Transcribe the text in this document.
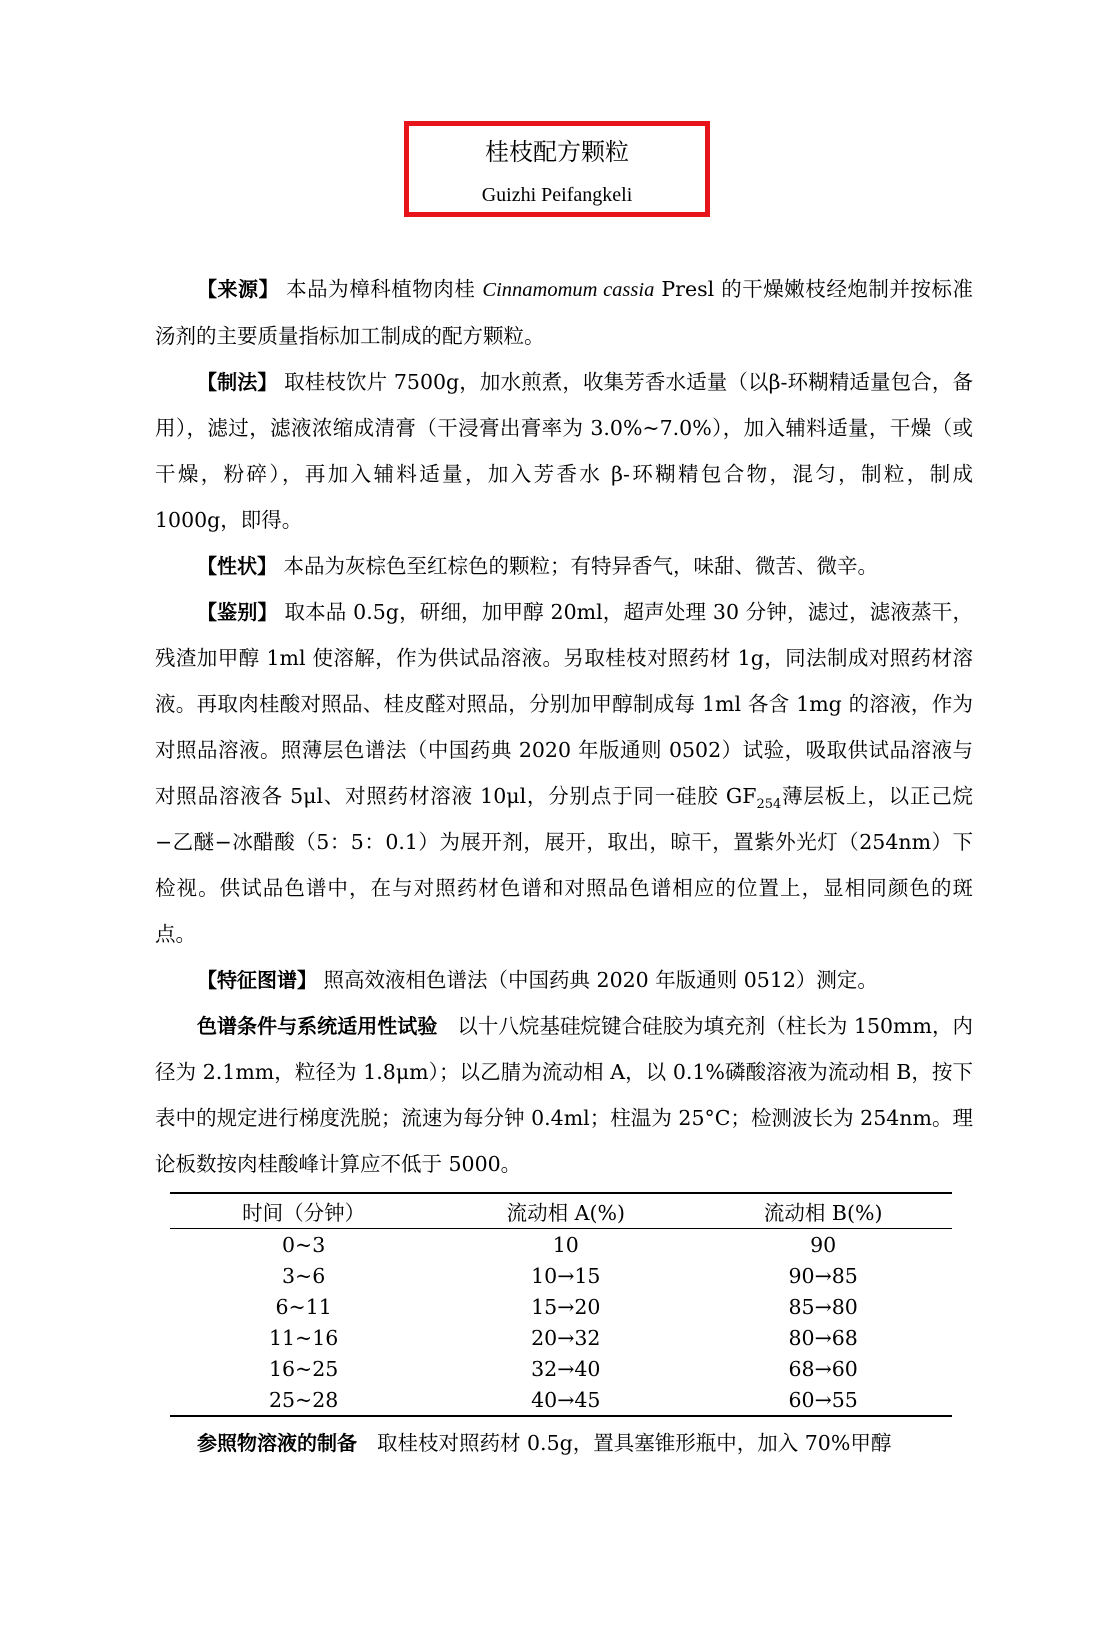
桂枝配方颗粒
Guizhi Peifangkeli

【来源】 本品为樟科植物肉桂 Cinnamomum cassia Presl 的干燥嫩枝经炮制并按标准汤剂的主要质量指标加工制成的配方颗粒。

【制法】 取桂枝饮片 7500g，加水煎煮，收集芳香水适量（以β-环糊精适量包合，备用），滤过，滤液浓缩成清膏（干浸膏出膏率为 3.0%~7.0%），加入辅料适量，干燥（或干燥，粉碎），再加入辅料适量，加入芳香水 β-环糊精包合物，混匀，制粒，制成 1000g，即得。

【性状】 本品为灰棕色至红棕色的颗粒；有特异香气，味甜、微苦、微辛。

【鉴别】 取本品 0.5g，研细，加甲醇 20ml，超声处理 30 分钟，滤过，滤液蒸干，残渣加甲醇 1ml 使溶解，作为供试品溶液。另取桂枝对照药材 1g，同法制成对照药材溶液。再取肉桂酸对照品、桂皮醛对照品，分别加甲醇制成每 1ml 各含 1mg 的溶液，作为对照品溶液。照薄层色谱法（中国药典 2020 年版通则 0502）试验，吸取供试品溶液与对照品溶液各 5μl、对照药材溶液 10μl，分别点于同一硅胶 $GF_{254}$薄层板上，以正己烷−乙醚−冰醋酸（5：5：0.1）为展开剂，展开，取出，晾干，置紫外光灯（254nm）下检视。供试品色谱中，在与对照药材色谱和对照品色谱相应的位置上，显相同颜色的斑点。

【特征图谱】 照高效液相色谱法（中国药典 2020 年版通则 0512）测定。

色谱条件与系统适用性试验 以十八烷基硅烷键合硅胶为填充剂（柱长为 150mm，内径为 2.1mm，粒径为 1.8μm）；以乙腈为流动相 A，以 0.1%磷酸溶液为流动相 B，按下表中的规定进行梯度洗脱；流速为每分钟 0.4ml；柱温为 25°C；检测波长为 254nm。理论板数按肉桂酸峰计算应不低于 5000。

时间（分钟）	流动相 A(%)	流动相 B(%)
0~3	10	90
3~6	10→15	90→85
6~11	15→20	85→80
11~16	20→32	80→68
16~25	32→40	68→60
25~28	40→45	60→55

参照物溶液的制备 取桂枝对照药材 0.5g，置具塞锥形瓶中，加入 70%甲醇
